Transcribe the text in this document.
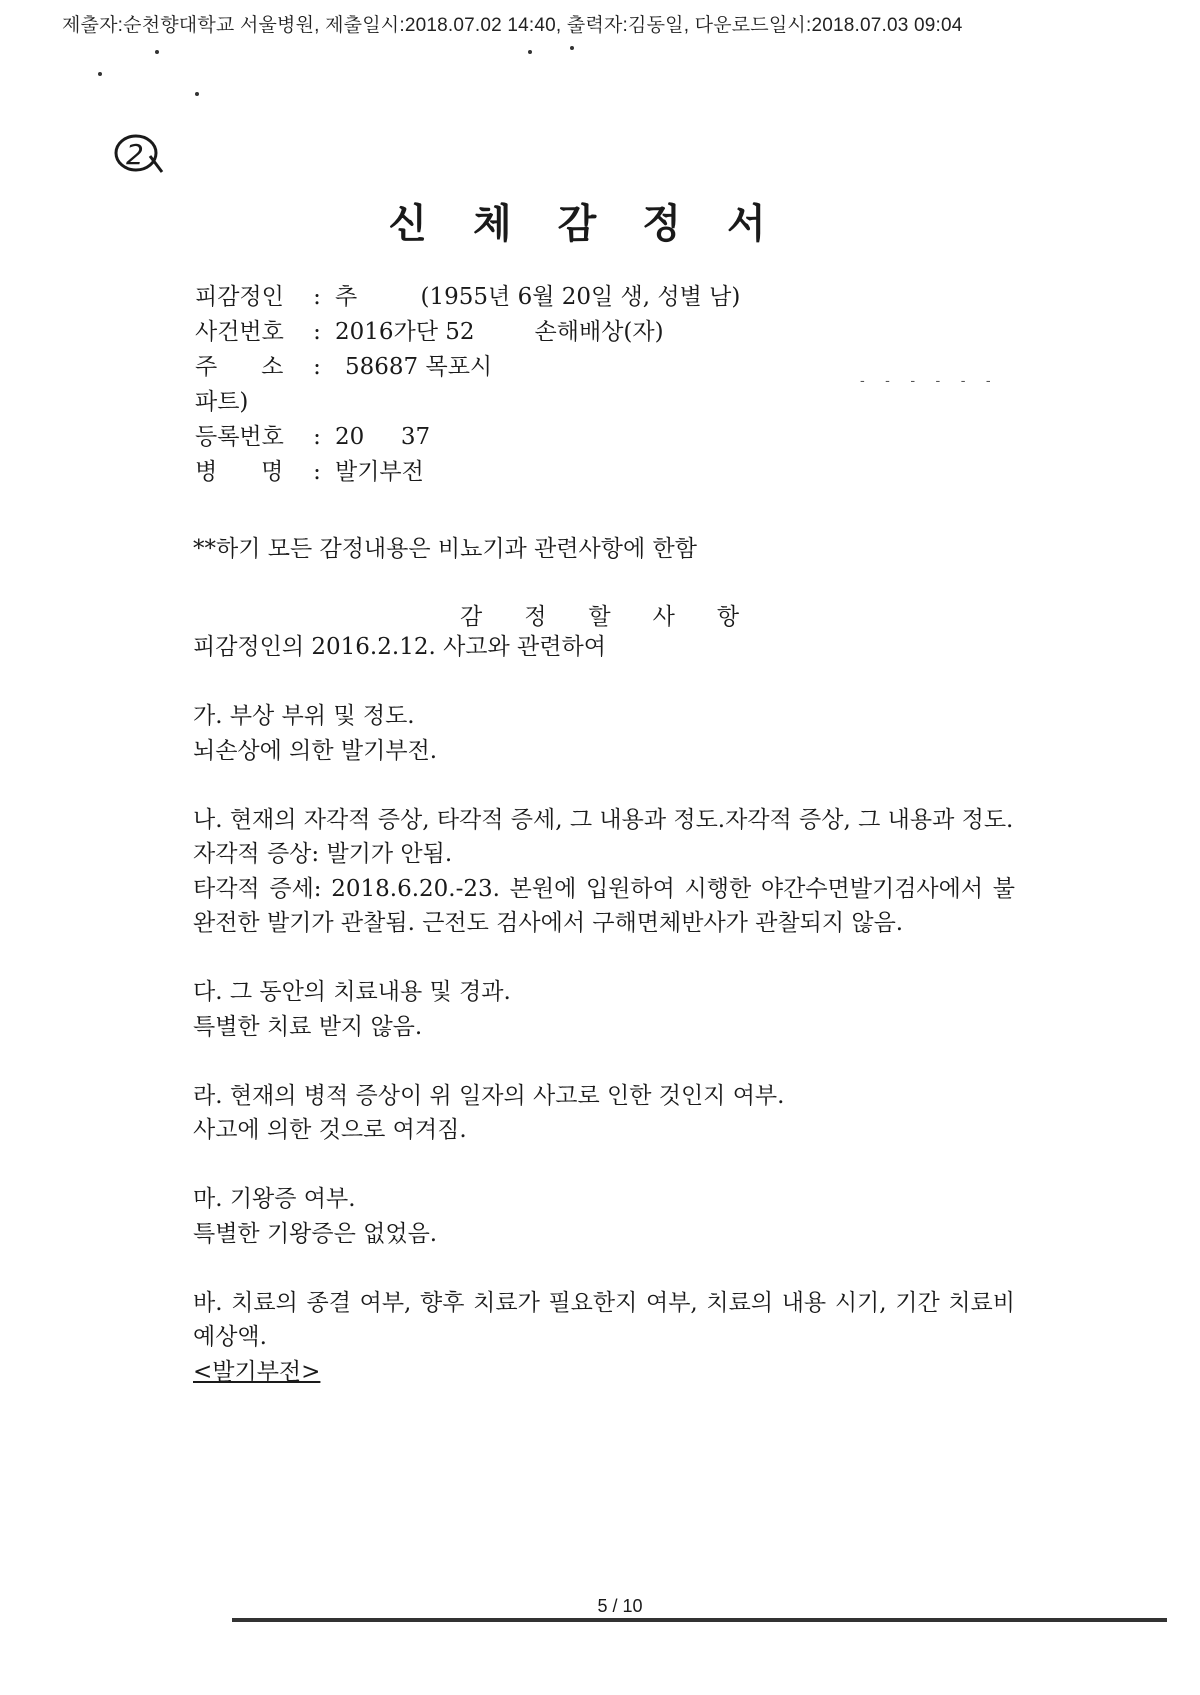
제출자:순천향대학교 서울병원, 제출일시:2018.07.02 14:40, 출력자:김동일, 다운로드일시:2018.07.03 09:04
2
- - - - - -
신체감정서
피감정인 : 추 (1955년 6월 20일 생, 성별 남)
사건번호 : 2016가단 52	손해배상(자)
주      소 : 58687 목포시
파트)
등록번호 : 20     37
병      명 : 발기부전
**하기 모든 감정내용은 비뇨기과 관련사항에 한함
감정할사항

피감정인의 2016.2.12. 사고와 관련하여

가. 부상 부위 및 정도.

뇌손상에 의한 발기부전.

나. 현재의 자각적 증상, 타각적 증세, 그 내용과 정도.자각적 증상, 그 내용과 정도.

자각적 증상: 발기가 안됨.

타각적 증세: 2018.6.20.-23. 본원에 입원하여 시행한 야간수면발기검사에서 불완전한 발기가 관찰됨. 근전도 검사에서 구해면체반사가 관찰되지 않음.

다. 그 동안의 치료내용 및 경과.

특별한 치료 받지 않음.

라. 현재의 병적 증상이 위 일자의 사고로 인한 것인지 여부.

사고에 의한 것으로 여겨짐.

마. 기왕증 여부.

특별한 기왕증은 없었음.

바. 치료의 종결 여부, 향후 치료가 필요한지 여부, 치료의 내용 시기, 기간 치료비 예상액.

<발기부전>

5 / 10
